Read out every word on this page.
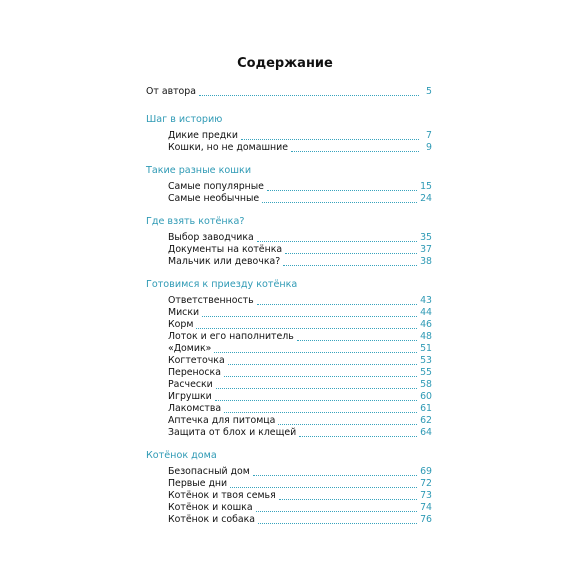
Содержание
От автора	5
Шаг в историю
Дикие предки	7
Кошки, но не домашние	9
Такие разные кошки
Самые популярные	15
Самые необычные	24
Где взять котёнка?
Выбор заводчика	35
Документы на котёнка	37
Мальчик или девочка?	38
Готовимся к приезду котёнка
Ответственность	43
Миски	44
Корм	46
Лоток и его наполнитель	48
«Домик»	51
Когтеточка	53
Переноска	55
Расчески	58
Игрушки	60
Лакомства	61
Аптечка для питомца	62
Защита от блох и клещей	64
Котёнок дома
Безопасный дом	69
Первые дни	72
Котёнок и твоя семья	73
Котёнок и кошка	74
Котёнок и собака	76
